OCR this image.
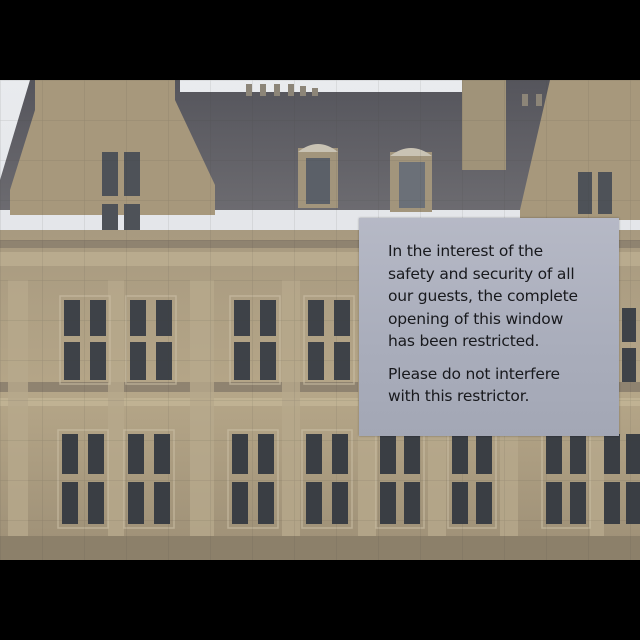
In the interest of the
safety and security of all
our guests, the complete
opening of this window
has been restricted.

Please do not interfere
with this restrictor.
